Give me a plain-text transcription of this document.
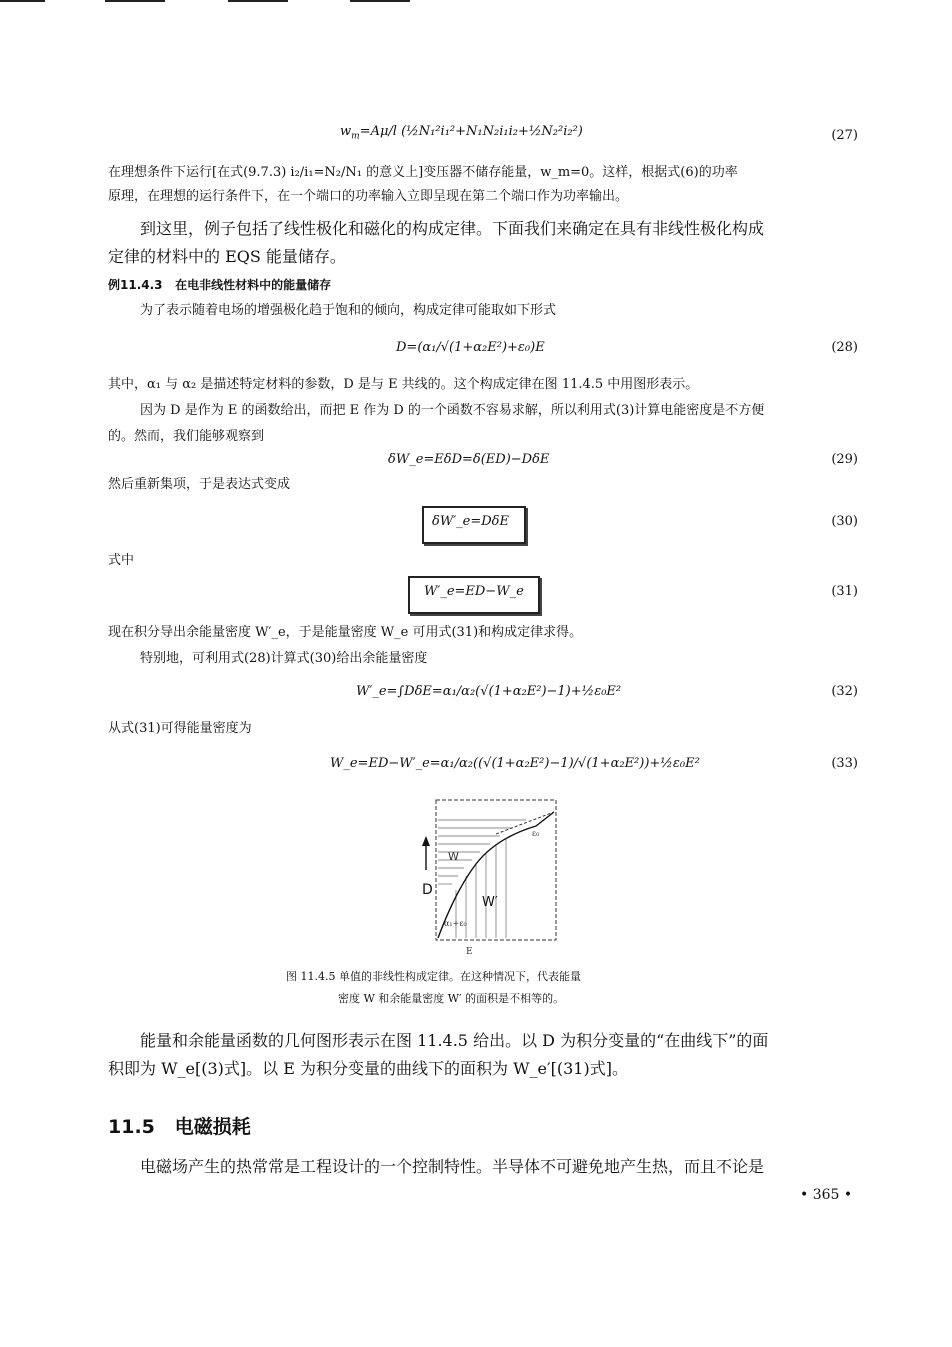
$w_m=A\mu/l$ (½N₁²i₁²+N₁N₂i₁i₂+½N₂²i₂²)	(27)
在理想条件下运行[在式(9.7.3) i₂/i₁=N₂/N₁ 的意义上]变压器不储存能量，w_m=0。这样，根据式(6)的功率
原理，在理想的运行条件下，在一个端口的功率输入立即呈现在第二个端口作为功率输出。
到这里，例子包括了线性极化和磁化的构成定律。下面我们来确定在具有非线性极化构成
定律的材料中的 EQS 能量储存。
例11.4.3 在电非线性材料中的能量储存
为了表示随着电场的增强极化趋于饱和的倾向，构成定律可能取如下形式
D=(α₁/√(1+α₂E²)+ε₀)E	(28)
其中，α₁ 与 α₂ 是描述特定材料的参数，D 是与 E 共线的。这个构成定律在图 11.4.5 中用图形表示。
因为 D 是作为 E 的函数给出，而把 E 作为 D 的一个函数不容易求解，所以利用式(3)计算电能密度是不方便
的。然而，我们能够观察到
δW_e=EδD=δ(ED)−DδE	(29)
然后重新集项，于是表达式变成
δW′_e=DδE	(30)
式中
W′_e=ED−W_e	(31)
现在积分导出余能量密度 W′_e，于是能量密度 W_e 可用式(31)和构成定律求得。
特别地，可利用式(28)计算式(30)给出余能量密度
W′_e=∫DδE=α₁/α₂(√(1+α₂E²)−1)+½ε₀E²	(32)
从式(31)可得能量密度为
W_e=ED−W′_e=α₁/α₂((√(1+α₂E²)−1)/√(1+α₂E²))+½ε₀E²	(33)
D
W′
W
ε₀
α₁+ε₀
E
图 11.4.5 单值的非线性构成定律。在这种情况下，代表能量
密度 W 和余能量密度 W′ 的面积是不相等的。
能量和余能量函数的几何图形表示在图 11.4.5 给出。以 D 为积分变量的“在曲线下”的面
积即为 W_e[(3)式]。以 E 为积分变量的曲线下的面积为 W_e′[(31)式]。
11.5 电磁损耗
电磁场产生的热常常是工程设计的一个控制特性。半导体不可避免地产生热，而且不论是
• 365 •
